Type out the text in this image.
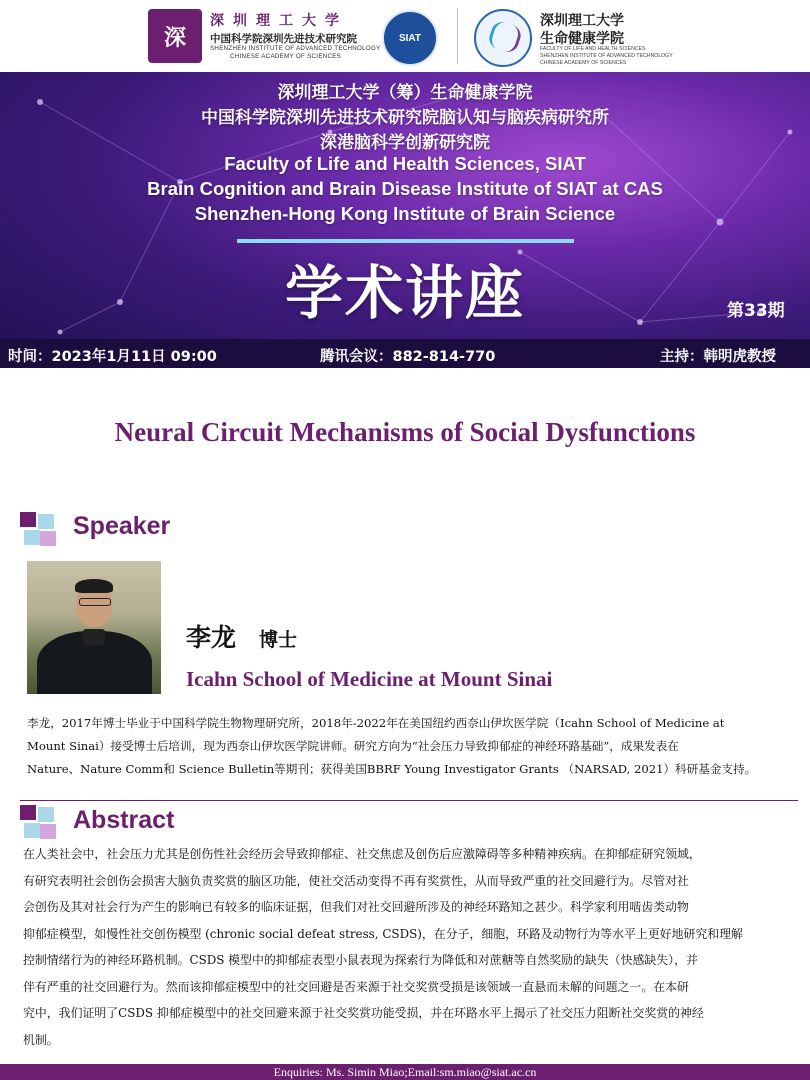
深
深圳理工大学
中国科学院深圳先进技术研究院
SHENZHEN INSTITUTE OF ADVANCED TECHNOLOGY
CHINESE ACADEMY OF SCIENCES
SIAT
深圳理工大学
生命健康学院
FACULTY OF LIFE AND HEALTH SCIENCES
SHENZHEN INSTITUTE OF ADVANCED TECHNOLOGY
CHINESE ACADEMY OF SCIENCES
深圳理工大学（筹）生命健康学院
中国科学院深圳先进技术研究院脑认知与脑疾病研究所
深港脑科学创新研究院
Faculty of Life and Health Sciences, SIAT
Brain Cognition and Brain Disease Institute of SIAT at CAS
Shenzhen-Hong Kong Institute of Brain Science
学术讲座	第33期
时间：2023年1月11日 09:00	腾讯会议：882-814-770	主持：韩明虎教授
Neural Circuit Mechanisms of Social Dysfunctions
Speaker
李龙 博士
Icahn School of Medicine at Mount Sinai
李龙，2017年博士毕业于中国科学院生物物理研究所，2018年-2022年在美国纽约西奈山伊坎医学院（Icahn School of Medicine at
Mount Sinai）接受博士后培训，现为西奈山伊坎医学院讲师。研究方向为“社会压力导致抑郁症的神经环路基础”，成果发表在
Nature、Nature Comm和 Science Bulletin等期刊；获得美国BBRF Young Investigator Grants （NARSAD, 2021）科研基金支持。
Abstract
在人类社会中，社会压力尤其是创伤性社会经历会导致抑郁症、社交焦虑及创伤后应激障碍等多种精神疾病。在抑郁症研究领域，
有研究表明社会创伤会损害大脑负责奖赏的脑区功能，使社交活动变得不再有奖赏性，从而导致严重的社交回避行为。尽管对社
会创伤及其对社会行为产生的影响已有较多的临床证据，但我们对社交回避所涉及的神经环路知之甚少。科学家利用啮齿类动物
抑郁症模型，如慢性社交创伤模型 (chronic social defeat stress, CSDS)，在分子，细胞，环路及动物行为等水平上更好地研究和理解
控制情绪行为的神经环路机制。CSDS 模型中的抑郁症表型小鼠表现为探索行为降低和对蔗糖等自然奖励的缺失（快感缺失），并
伴有严重的社交回避行为。然而该抑郁症模型中的社交回避是否来源于社交奖赏受损是该领域一直悬而未解的问题之一。在本研
究中，我们证明了CSDS 抑郁症模型中的社交回避来源于社交奖赏功能受损，并在环路水平上揭示了社交压力阻断社交奖赏的神经
机制。
Enquiries: Ms. Simin Miao;Email:sm.miao@siat.ac.cn
